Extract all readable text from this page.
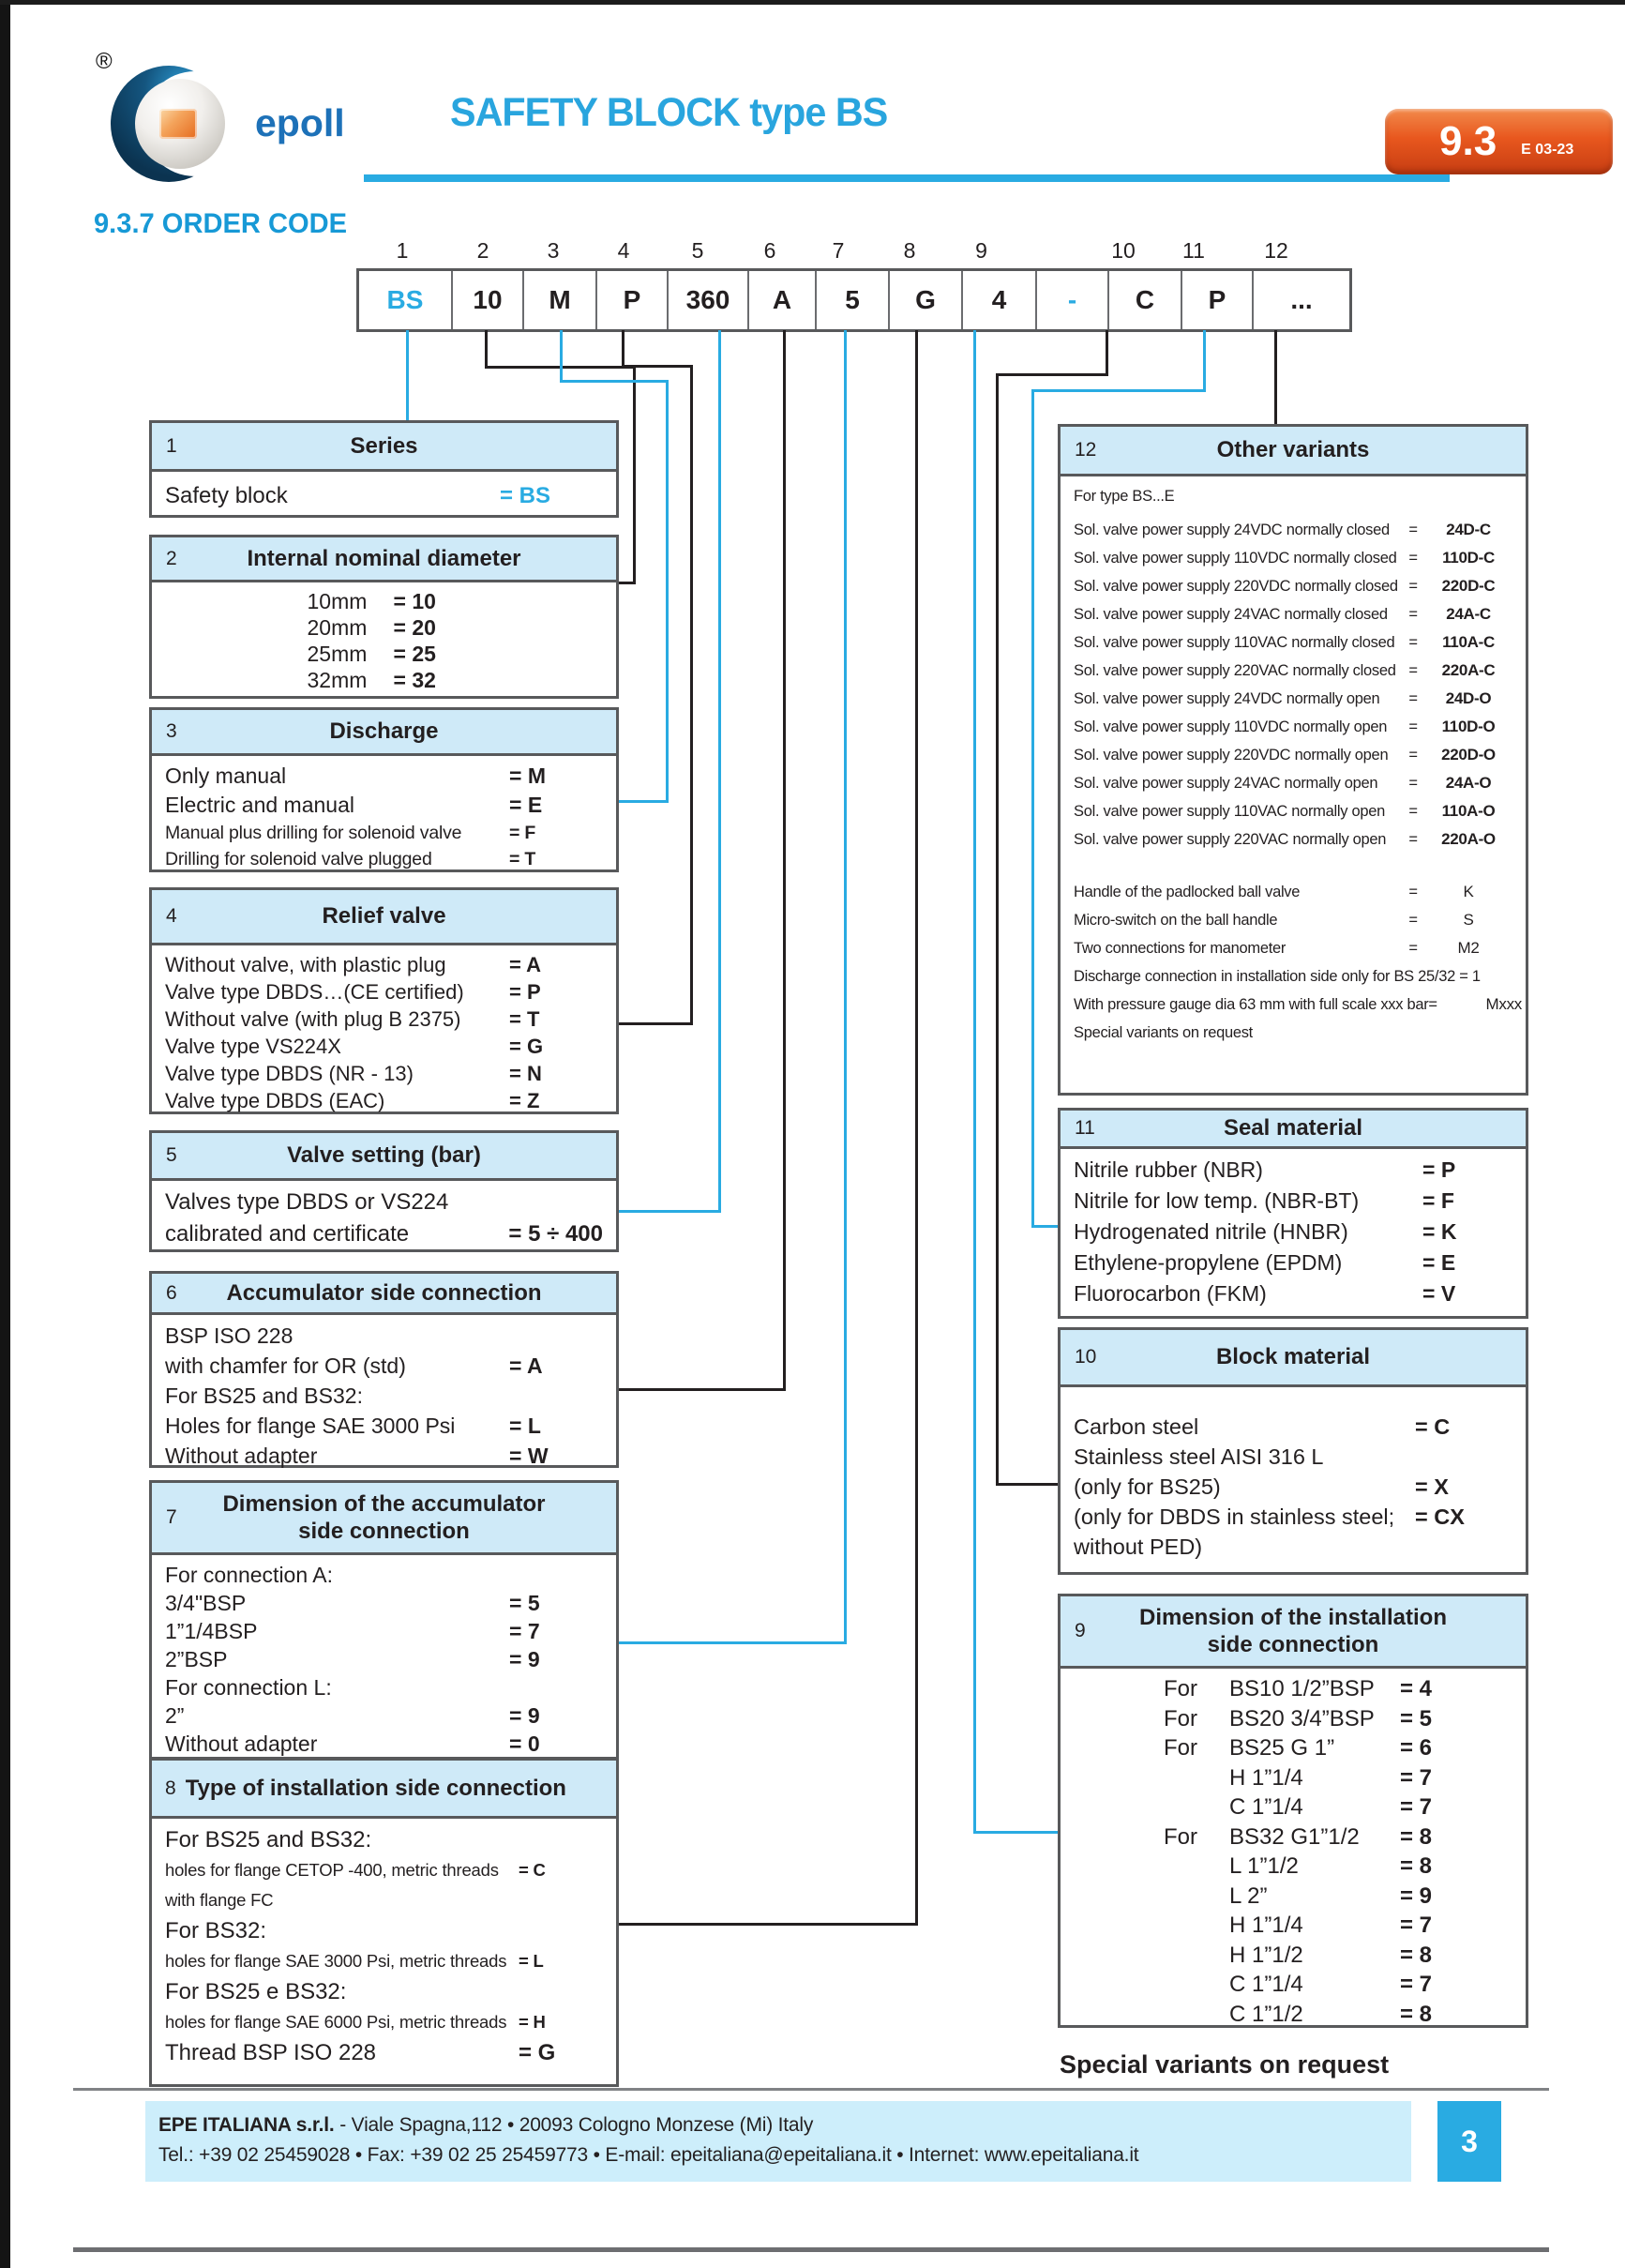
®
epoll	SAFETY BLOCK type BS
9.3 E 03-23
9.3.7 ORDER CODE
1	2	3	4	5	6	7	8	9	10	11	12
BS	10	M	P	360	A	5	G	4	-	C	P	...
1	Series
Safety block	= BS
2	Internal nominal diameter
10mm	= 10
20mm	= 20
25mm	= 25
32mm	= 32
3	Discharge
Only manual	= M
Electric and manual	= E
Manual plus drilling for solenoid valve	= F
Drilling for solenoid valve plugged	= T
4	Relief valve
Without valve, with plastic plug	= A
Valve type DBDS…(CE certified)	= P
Without valve (with plug B 2375)	= T
Valve type VS224X	= G
Valve type DBDS (NR - 13)	= N
Valve type DBDS (EAC)	= Z
5	Valve setting (bar)
Valves type DBDS or VS224
calibrated and certificate	= 5 ÷ 400
6 Accumulator side connection
BSP ISO 228
with chamfer for OR (std)	= A
For BS25 and BS32:
Holes for flange SAE 3000 Psi	= L
Without adapter	= W
7
Dimension of the accumulator
side connection
For connection A:
3/4"BSP	= 5
1”1/4BSP	= 7
2”BSP	= 9
For connection L:
2”	= 9
Without adapter	= 0
8 Type of installation side connection
For BS25 and BS32:
holes for flange CETOP -400, metric threads	= C
with flange FC
For BS32:
holes for flange SAE 3000 Psi, metric threads = L
For BS25 e BS32:
holes for flange SAE 6000 Psi, metric threads = H
Thread BSP ISO 228	= G
12	Other variants
For type BS...E
Sol. valve power supply 24VDC normally closed	=	24D-C
Sol. valve power supply 110VDC normally closed =	110D-C
Sol. valve power supply 220VDC normally closed =	220D-C
Sol. valve power supply 24VAC normally closed	=	24A-C
Sol. valve power supply 110VAC normally closed =	110A-C
Sol. valve power supply 220VAC normally closed =	220A-C
Sol. valve power supply 24VDC normally open	=	24D-O
Sol. valve power supply 110VDC normally open	=	110D-O
Sol. valve power supply 220VDC normally open	=	220D-O
Sol. valve power supply 24VAC normally open	=	24A-O
Sol. valve power supply 110VAC normally open	=	110A-O
Sol. valve power supply 220VAC normally open	=	220A-O
Handle of the padlocked ball valve	=	K
Micro-switch on the ball handle	=	S
Two connections for manometer	=	M2
Discharge connection in installation side only for BS 25/32 = 1
With pressure gauge dia 63 mm with full scale xxx bar=	Mxxx
Special variants on request
11	Seal material
Nitrile rubber (NBR)	= P
Nitrile for low temp. (NBR-BT)	= F
Hydrogenated nitrile (HNBR)	= K
Ethylene-propylene (EPDM)	= E
Fluorocarbon (FKM)	= V
10	Block material
Carbon steel	= C
Stainless steel AISI 316 L
(only for BS25)	= X
(only for DBDS in stainless steel; = CX
without PED)
9
Dimension of the installation
side connection
For	BS10 1/2”BSP	= 4
For	BS20 3/4”BSP	= 5
For	BS25 G 1”	= 6
H 1”1/4	= 7
C 1”1/4	= 7
For	BS32 G1”1/2	= 8
L 1”1/2	= 8
L 2”	= 9
H 1”1/4	= 7
H 1”1/2	= 8
C 1”1/4	= 7
C 1”1/2	= 8
Special variants on request
EPE ITALIANA s.r.l. - Viale Spagna,112 • 20093 Cologno Monzese (Mi) Italy
Tel.: +39 02 25459028 • Fax: +39 02 25 25459773 • E-mail: epeitaliana@epeitaliana.it • Internet: www.epeitaliana.it	3
